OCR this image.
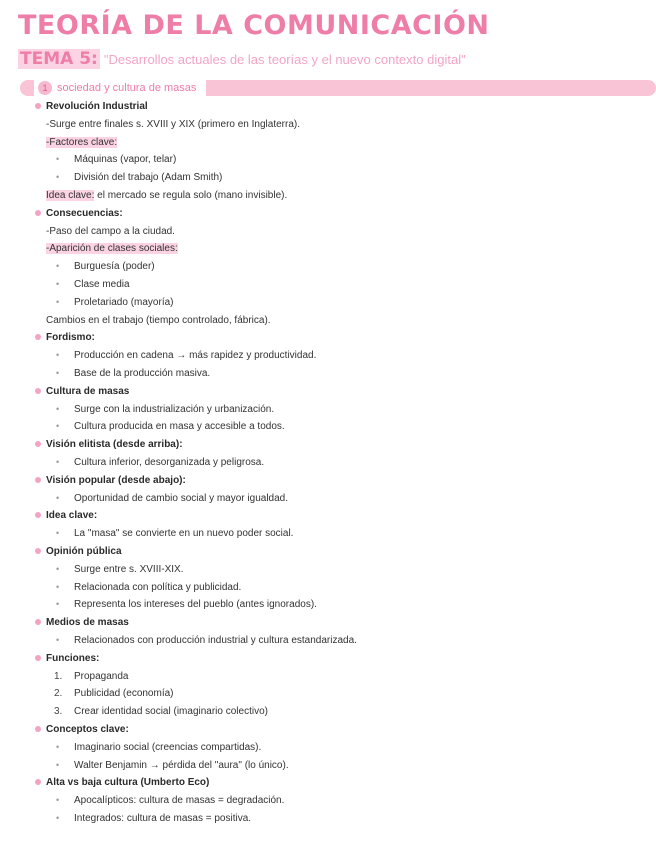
TEORÍA DE LA COMUNICACIÓN
TEMA 5: "Desarrollos actuales de las teorías y el nuevo contexto digital"
1 sociedad y cultura de masas
Revolución Industrial
-Surge entre finales s. XVIII y XIX (primero en Inglaterra).
-Factores clave:
• Máquinas (vapor, telar)
• División del trabajo (Adam Smith)
Idea clave: el mercado se regula solo (mano invisible).
Consecuencias:
-Paso del campo a la ciudad.
-Aparición de clases sociales:
• Burguesía (poder)
• Clase media
• Proletariado (mayoría)
Cambios en el trabajo (tiempo controlado, fábrica).
Fordismo:
• Producción en cadena → más rapidez y productividad.
• Base de la producción masiva.
Cultura de masas
• Surge con la industrialización y urbanización.
• Cultura producida en masa y accesible a todos.
Visión elitista (desde arriba):
• Cultura inferior, desorganizada y peligrosa.
Visión popular (desde abajo):
• Oportunidad de cambio social y mayor igualdad.
Idea clave:
• La "masa" se convierte en un nuevo poder social.
Opinión pública
• Surge entre s. XVIII-XIX.
• Relacionada con política y publicidad.
• Representa los intereses del pueblo (antes ignorados).
Medios de masas
• Relacionados con producción industrial y cultura estandarizada.
Funciones:
1. Propaganda
2. Publicidad (economía)
3. Crear identidad social (imaginario colectivo)
Conceptos clave:
• Imaginario social (creencias compartidas).
• Walter Benjamin → pérdida del "aura" (lo único).
Alta vs baja cultura (Umberto Eco)
• Apocalípticos: cultura de masas = degradación.
• Integrados: cultura de masas = positiva.
